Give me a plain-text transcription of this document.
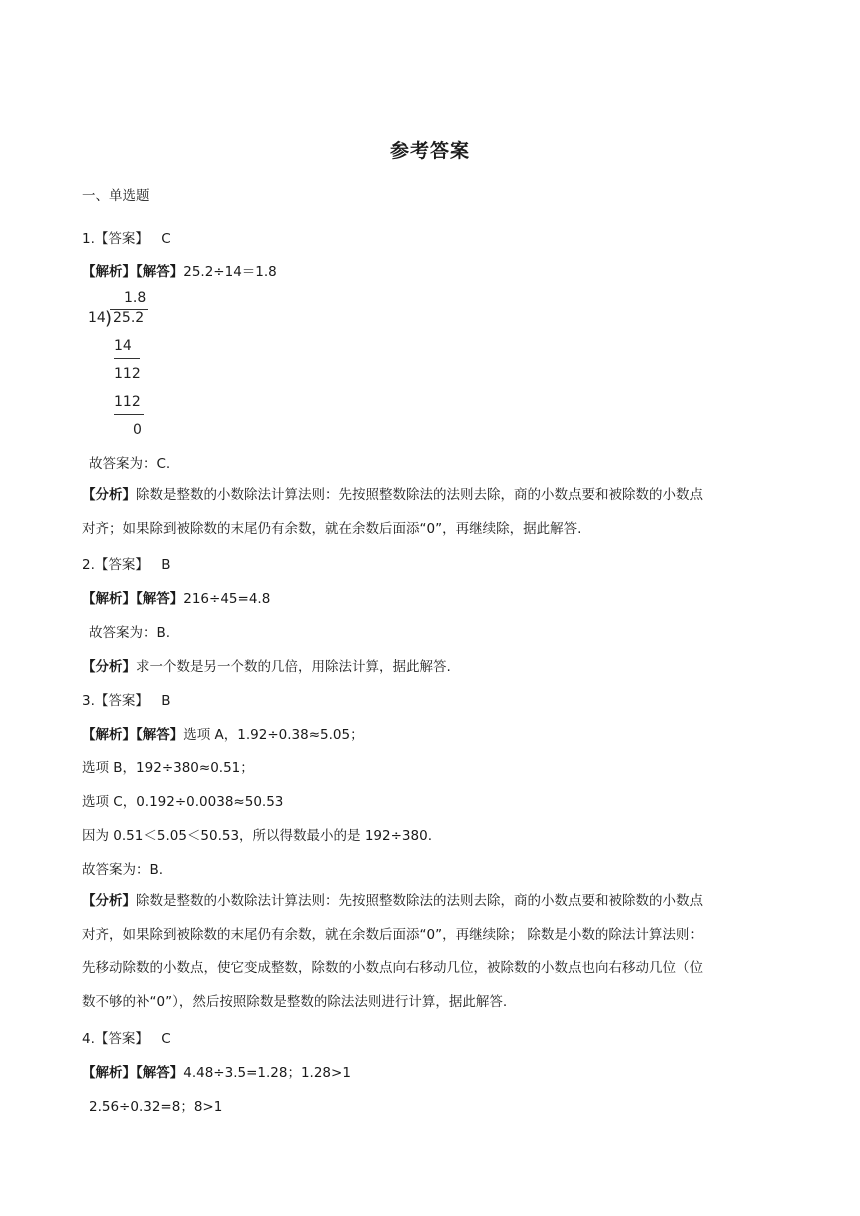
参考答案
一、单选题
1.【答案】 C
【解析】【解答】25.2÷14＝1.8
1.8
14 ) 25.2
14
112
112
0
故答案为：C.
【分析】除数是整数的小数除法计算法则：先按照整数除法的法则去除，商的小数点要和被除数的小数点
对齐；如果除到被除数的末尾仍有余数，就在余数后面添“0”，再继续除，据此解答.
2.【答案】 B
【解析】【解答】216÷45=4.8
故答案为：B.
【分析】求一个数是另一个数的几倍，用除法计算，据此解答.
3.【答案】 B
【解析】【解答】选项 A，1.92÷0.38≈5.05；
选项 B，192÷380≈0.51；
选项 C，0.192÷0.0038≈50.53
因为 0.51＜5.05＜50.53，所以得数最小的是 192÷380.
故答案为：B.
【分析】除数是整数的小数除法计算法则：先按照整数除法的法则去除，商的小数点要和被除数的小数点
对齐，如果除到被除数的末尾仍有余数，就在余数后面添“0”，再继续除； 除数是小数的除法计算法则：
先移动除数的小数点，使它变成整数，除数的小数点向右移动几位，被除数的小数点也向右移动几位（位
数不够的补“0”），然后按照除数是整数的除法法则进行计算，据此解答.
4.【答案】 C
【解析】【解答】4.48÷3.5=1.28；1.28>1
2.56÷0.32=8；8>1
